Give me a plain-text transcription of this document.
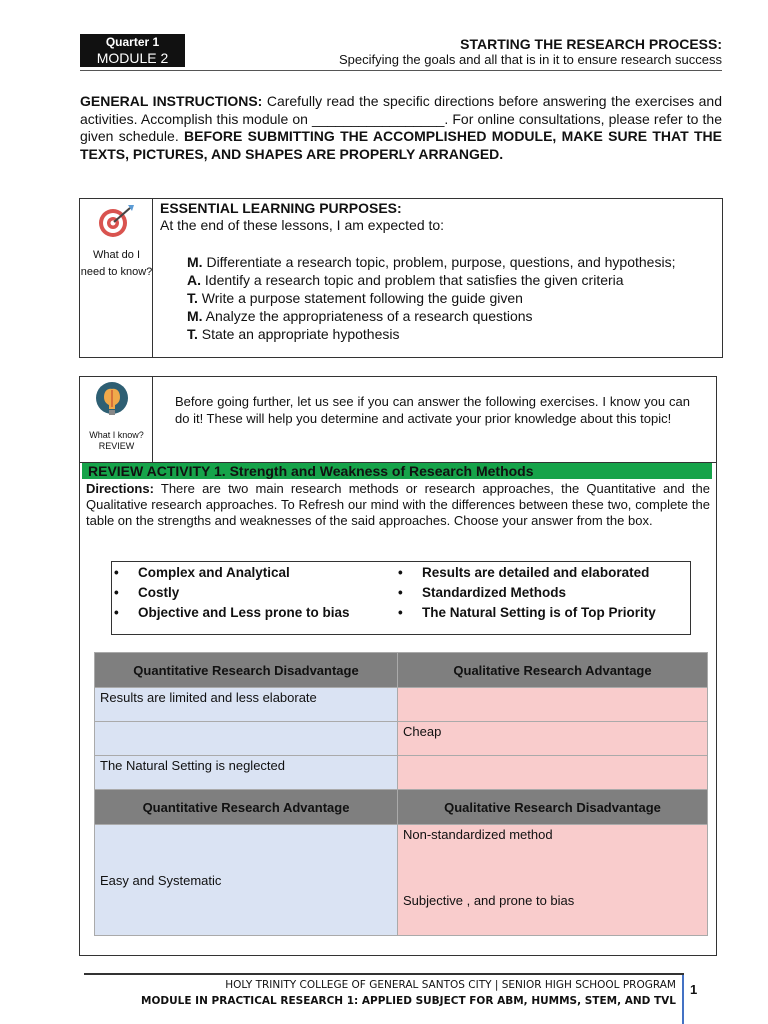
Quarter 1
MODULE 2
STARTING THE RESEARCH PROCESS:
Specifying the goals and all that is in it to ensure research success
GENERAL INSTRUCTIONS: Carefully read the specific directions before answering the exercises and activities. Accomplish this module on _________________. For online consultations, please refer to the given schedule. BEFORE SUBMITTING THE ACCOMPLISHED MODULE, MAKE SURE THAT THE TEXTS, PICTURES, AND SHAPES ARE PROPERLY ARRANGED.
What do I need to know?
ESSENTIAL LEARNING PURPOSES:
At the end of these lessons, I am expected to:
M. Differentiate a research topic, problem, purpose, questions, and hypothesis;
A. Identify a research topic and problem that satisfies the given criteria
T. Write a purpose statement following the guide given
M. Analyze the appropriateness of a research questions
T. State an appropriate hypothesis
What I know?
REVIEW
Before going further, let us see if you can answer the following exercises. I know you can do it! These will help you determine and activate your prior knowledge about this topic!
REVIEW ACTIVITY 1. Strength and Weakness of Research Methods
Directions: There are two main research methods or research approaches, the Quantitative and the Qualitative research approaches. To Refresh our mind with the differences between these two, complete the table on the strengths and weaknesses of the said approaches. Choose your answer from the box.
• Complex and Analytical
• Costly
• Objective and Less prone to bias
• Results are detailed and elaborated
• Standardized Methods
• The Natural Setting is of Top Priority
Quantitative Research Disadvantage	Qualitative Research Advantage
Results are limited and less elaborate	
	Cheap
The Natural Setting is neglected	
Quantitative Research Advantage	Qualitative Research Disadvantage
Easy and Systematic	Non-standardized method
Subjective , and prone to bias
HOLY TRINITY COLLEGE OF GENERAL SANTOS CITY | SENIOR HIGH SCHOOL PROGRAM
MODULE IN PRACTICAL RESEARCH 1: APPLIED SUBJECT FOR ABM, HUMMS, STEM, AND TVL
1
